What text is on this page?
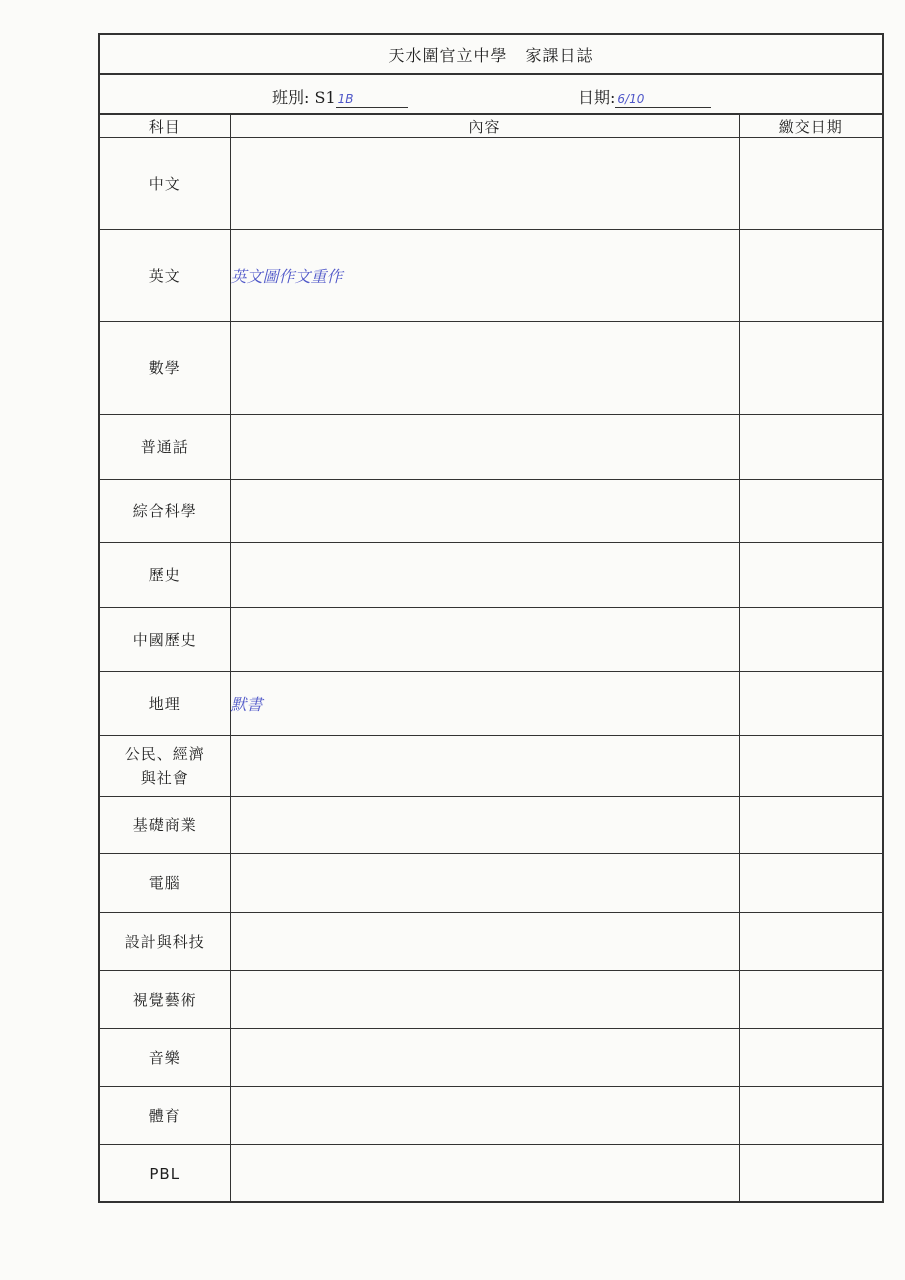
天水圍官立中學 家課日誌
班別: S1 1B	日期: 6/10
科目	內容	繳交日期
中文		
英文	英文圖作文重作	
數學		
普通話		
綜合科學		
歷史		
中國歷史		
地理	默書	
公民、經濟
與社會		
基礎商業		
電腦		
設計與科技		
視覺藝術		
音樂		
體育		
PBL		
